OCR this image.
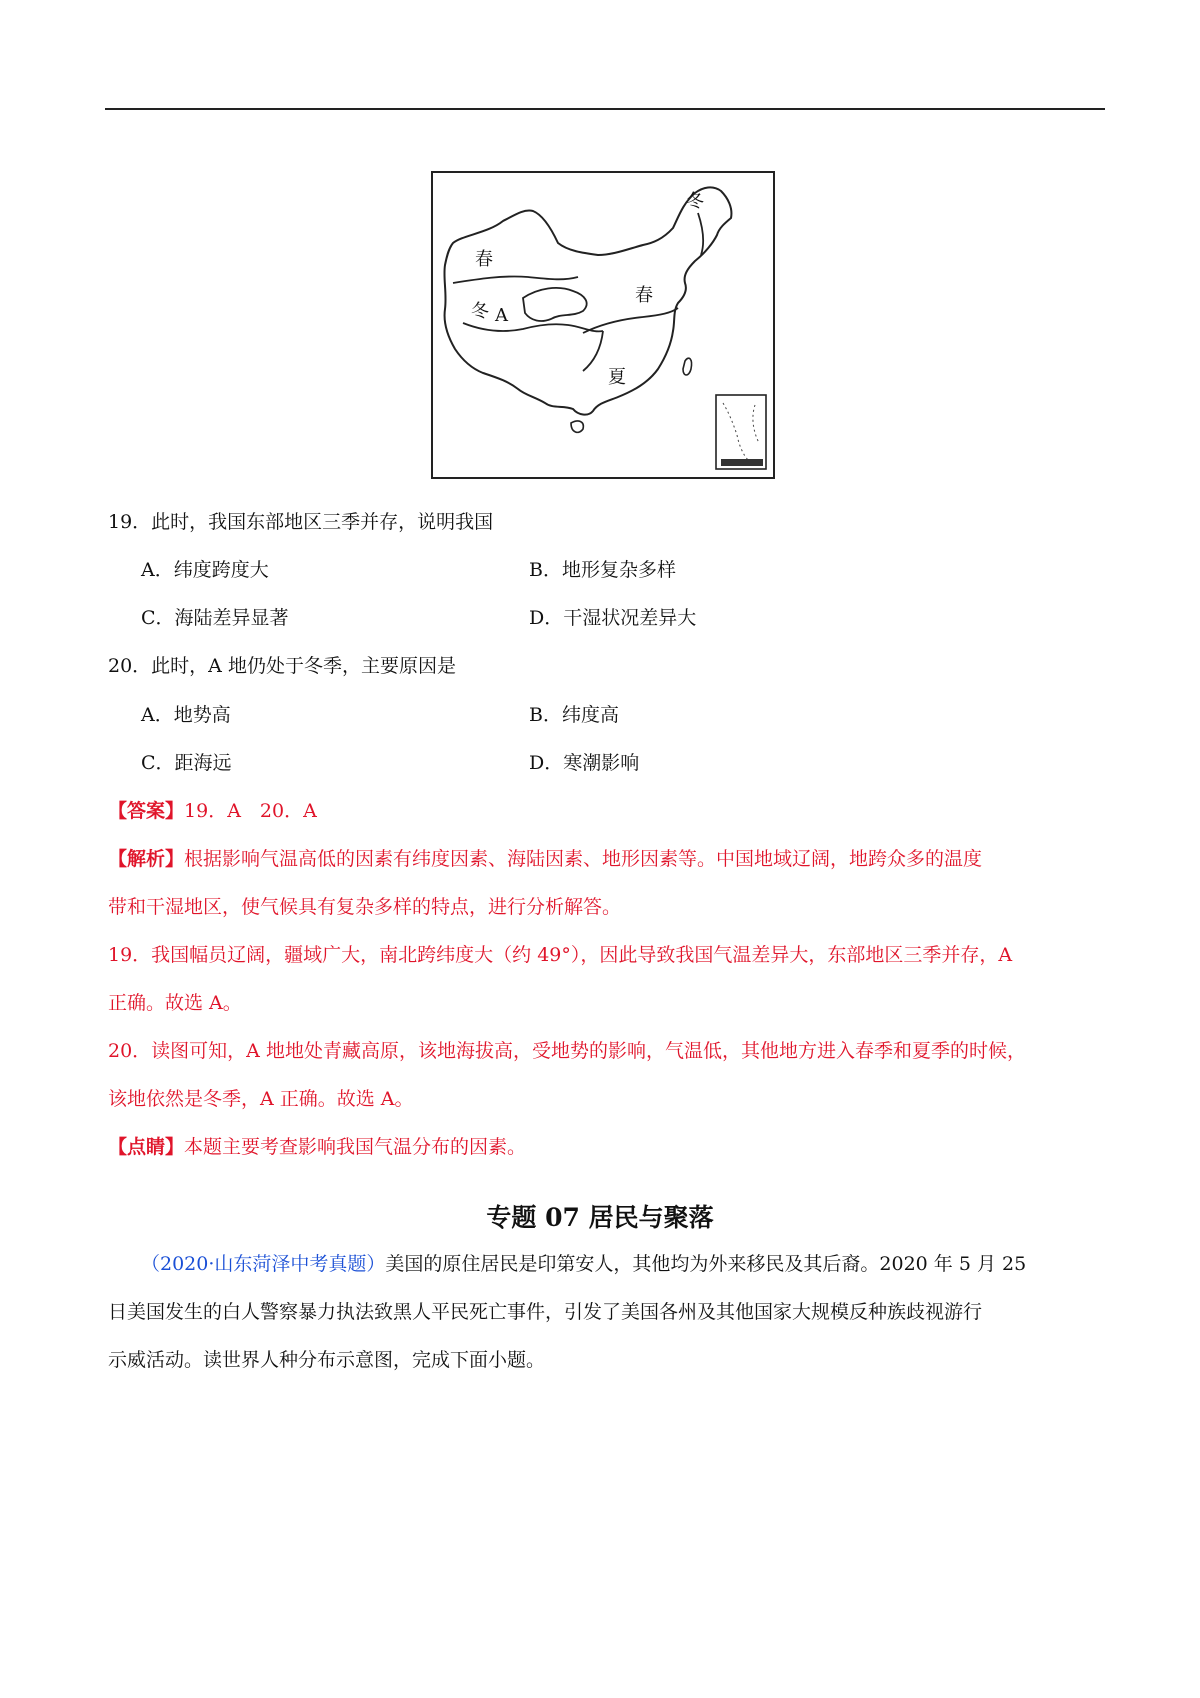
冬
春
冬 A
春
夏
19．此时，我国东部地区三季并存，说明我国
A．纬度跨度大	B．地形复杂多样
C．海陆差异显著	D．干湿状况差异大
20．此时，A 地仍处于冬季，主要原因是
A．地势高	B．纬度高
C．距海远	D．寒潮影响
【答案】19．A　20．A
【解析】根据影响气温高低的因素有纬度因素、海陆因素、地形因素等。中国地域辽阔，地跨众多的温度
带和干湿地区，使气候具有复杂多样的特点，进行分析解答。
19．我国幅员辽阔，疆域广大，南北跨纬度大（约 49°），因此导致我国气温差异大，东部地区三季并存，A
正确。故选 A。
20．读图可知，A 地地处青藏高原，该地海拔高，受地势的影响，气温低，其他地方进入春季和夏季的时候，
该地依然是冬季，A 正确。故选 A。
【点睛】本题主要考查影响我国气温分布的因素。
专题 07 居民与聚落
（2020·山东菏泽中考真题）美国的原住居民是印第安人，其他均为外来移民及其后裔。2020 年 5 月 25
日美国发生的白人警察暴力执法致黑人平民死亡事件，引发了美国各州及其他国家大规模反种族歧视游行
示威活动。读世界人种分布示意图，完成下面小题。
